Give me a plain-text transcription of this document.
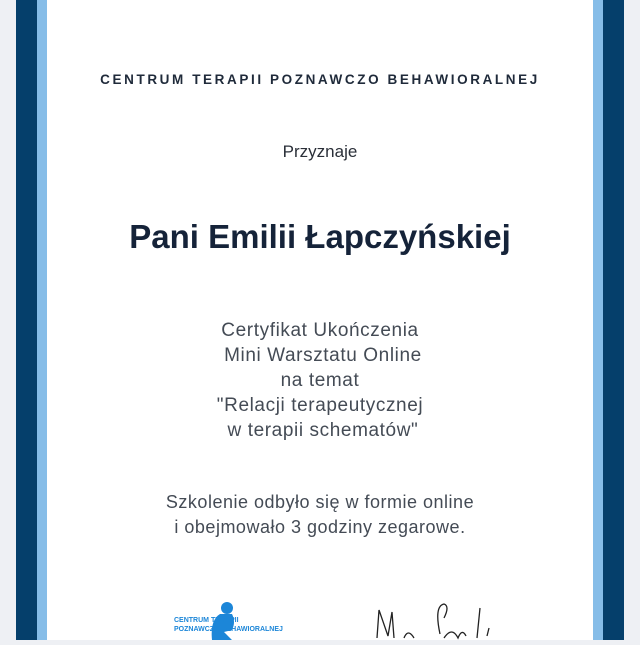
CENTRUM TERAPII POZNAWCZO BEHAWIORALNEJ
Przyznaje
Pani Emilii Łapczyńskiej
Certyfikat Ukończenia
Mini Warsztatu Online
na temat
"Relacji terapeutycznej
w terapii schematów"
Szkolenie odbyło się w formie online
i obejmowało 3 godziny zegarowe.
CENTRUM TERAPII
POZNAWCZO BEHAWIORALNEJ
